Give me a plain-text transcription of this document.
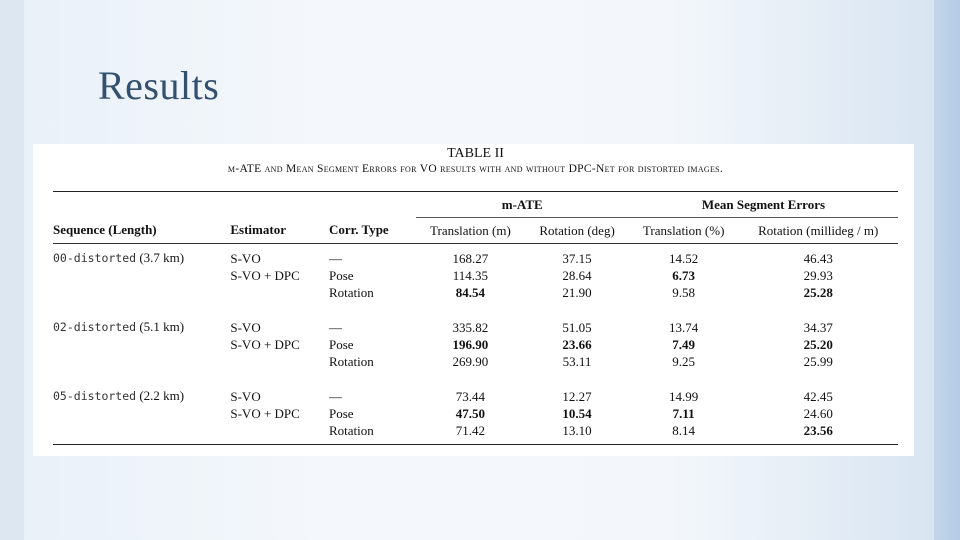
Results
TABLE II
m-ATE and Mean Segment Errors for VO results with and without DPC-Net for distorted images.
			m-ATE		Mean Segment Errors	
Sequence (Length)	Estimator	Corr. Type	Translation (m)	Rotation (deg)	Translation (%)	Rotation (millideg / m)

00-distorted (3.7 km)	S-VO	—	168.27	37.15	14.52	46.43
	S-VO + DPC	Pose	114.35	28.64	6.73	29.93
		Rotation	84.54	21.90	9.58	25.28

02-distorted (5.1 km)	S-VO	—	335.82	51.05	13.74	34.37
	S-VO + DPC	Pose	196.90	23.66	7.49	25.20
		Rotation	269.90	53.11	9.25	25.99

05-distorted (2.2 km)	S-VO	—	73.44	12.27	14.99	42.45
	S-VO + DPC	Pose	47.50	10.54	7.11	24.60
		Rotation	71.42	13.10	8.14	23.56
